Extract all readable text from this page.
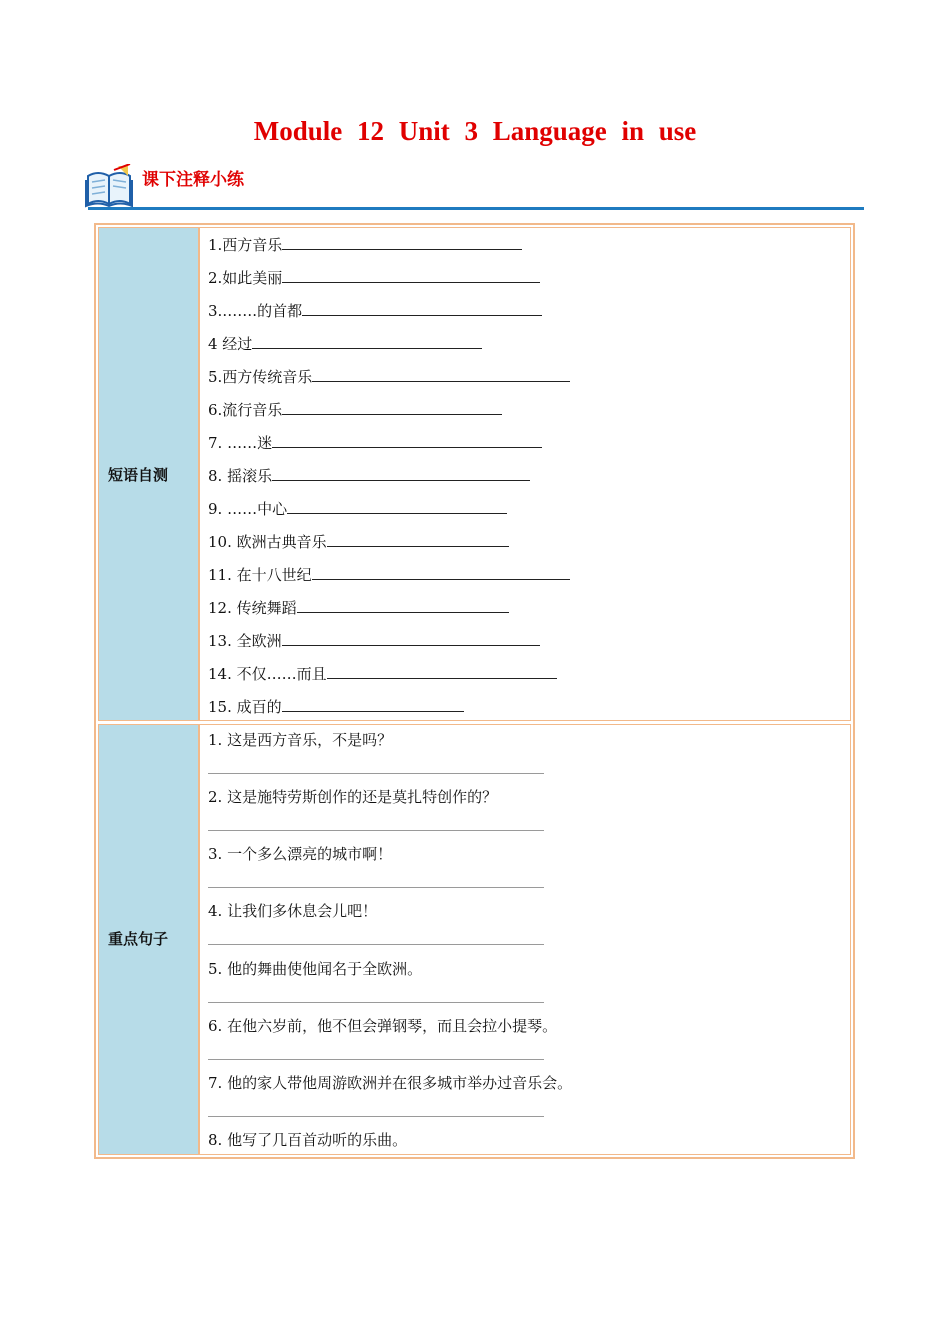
Module 12 Unit 3 Language in use
课下注释小练
短语自测
1.西方音乐
2.如此美丽
3.…….的首都
4 经过
5.西方传统音乐
6.流行音乐
7. ……迷
8. 摇滚乐
9. ……中心
10. 欧洲古典音乐
11. 在十八世纪
12. 传统舞蹈
13. 全欧洲
14. 不仅……而且
15. 成百的
重点句子
1. 这是西方音乐，不是吗？
2. 这是施特劳斯创作的还是莫扎特创作的？
3. 一个多么漂亮的城市啊！
4. 让我们多休息会儿吧！
5. 他的舞曲使他闻名于全欧洲。
6. 在他六岁前，他不但会弹钢琴，而且会拉小提琴。
7. 他的家人带他周游欧洲并在很多城市举办过音乐会。
8. 他写了几百首动听的乐曲。
